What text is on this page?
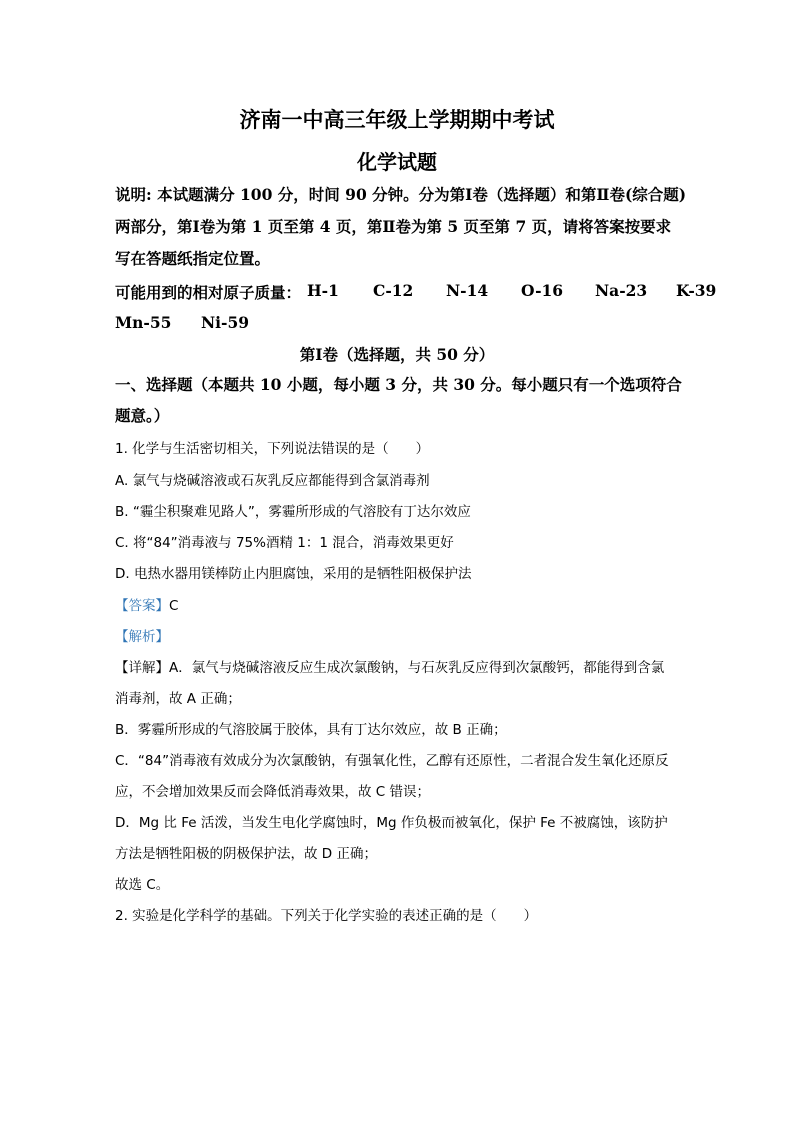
济南一中高三年级上学期期中考试
化学试题
说明: 本试题满分 100 分，时间 90 分钟。分为第Ⅰ卷（选择题）和第Ⅱ卷(综合题)
两部分，第Ⅰ卷为第 1 页至第 4 页，第Ⅱ卷为第 5 页至第 7 页，请将答案按要求
写在答题纸指定位置。
可能用到的相对原子质量： H-1 C-12 N-14 O-16 Na-23 K-39
Mn-55 Ni-59
第Ⅰ卷（选择题，共 50 分）
一、选择题（本题共 10 小题，每小题 3 分，共 30 分。每小题只有一个选项符合
题意。）
1. 化学与生活密切相关，下列说法错误的是（　　）
A. 氯气与烧碱溶液或石灰乳反应都能得到含氯消毒剂
B. “霾尘积聚难见路人”，雾霾所形成的气溶胶有丁达尔效应
C. 将“84”消毒液与 75%酒精 1：1 混合，消毒效果更好
D. 电热水器用镁棒防止内胆腐蚀，采用的是牺牲阳极保护法
【答案】C
【解析】
【详解】A．氯气与烧碱溶液反应生成次氯酸钠，与石灰乳反应得到次氯酸钙，都能得到含氯
消毒剂，故 A 正确；
B．雾霾所形成的气溶胶属于胶体，具有丁达尔效应，故 B 正确；
C．“84”消毒液有效成分为次氯酸钠，有强氧化性，乙醇有还原性，二者混合发生氧化还原反
应，不会增加效果反而会降低消毒效果，故 C 错误；
D．Mg 比 Fe 活泼，当发生电化学腐蚀时，Mg 作负极而被氧化，保护 Fe 不被腐蚀，该防护
方法是牺牲阳极的阴极保护法，故 D 正确；
故选 C。
2. 实验是化学科学的基础。下列关于化学实验的表述正确的是（　　）
